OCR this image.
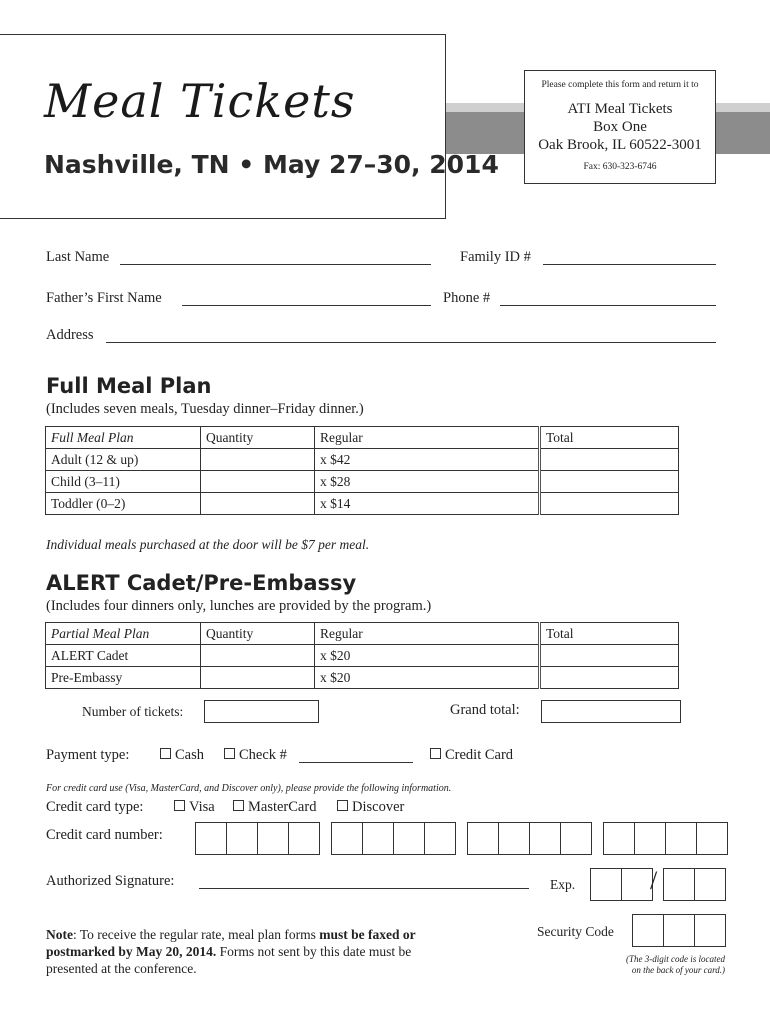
Meal Tickets
Nashville, TN • May 27–30, 2014
Please complete this form and return it to
ATI Meal Tickets
Box One
Oak Brook, IL 60522-3001
Fax: 630-323-6746
Last Name	Family ID #
Father’s First Name	Phone #
Address
Full Meal Plan
(Includes seven meals, Tuesday dinner–Friday dinner.)
Full Meal Plan	Quantity	Regular	Total
Adult (12 & up)		x $42	
Child (3–11)		x $28	
Toddler (0–2)		x $14	
Individual meals purchased at the door will be $7 per meal.
ALERT Cadet/Pre-Embassy
(Includes four dinners only, lunches are provided by the program.)
Partial Meal Plan	Quantity	Regular	Total
ALERT Cadet		x $20	
Pre-Embassy		x $20	
Number of tickets:	Grand total:
Payment type:	Cash	Check #	Credit Card
For credit card use (Visa, MasterCard, and Discover only), please provide the following information.
Credit card type:	Visa	MasterCard	Discover
Credit card number:
Authorized Signature:	Exp.	/
Note: To receive the regular rate, meal plan forms must be faxed or postmarked by May 20, 2014. Forms not sent by this date must be presented at the conference.
Security Code
(The 3-digit code is located
on the back of your card.)
